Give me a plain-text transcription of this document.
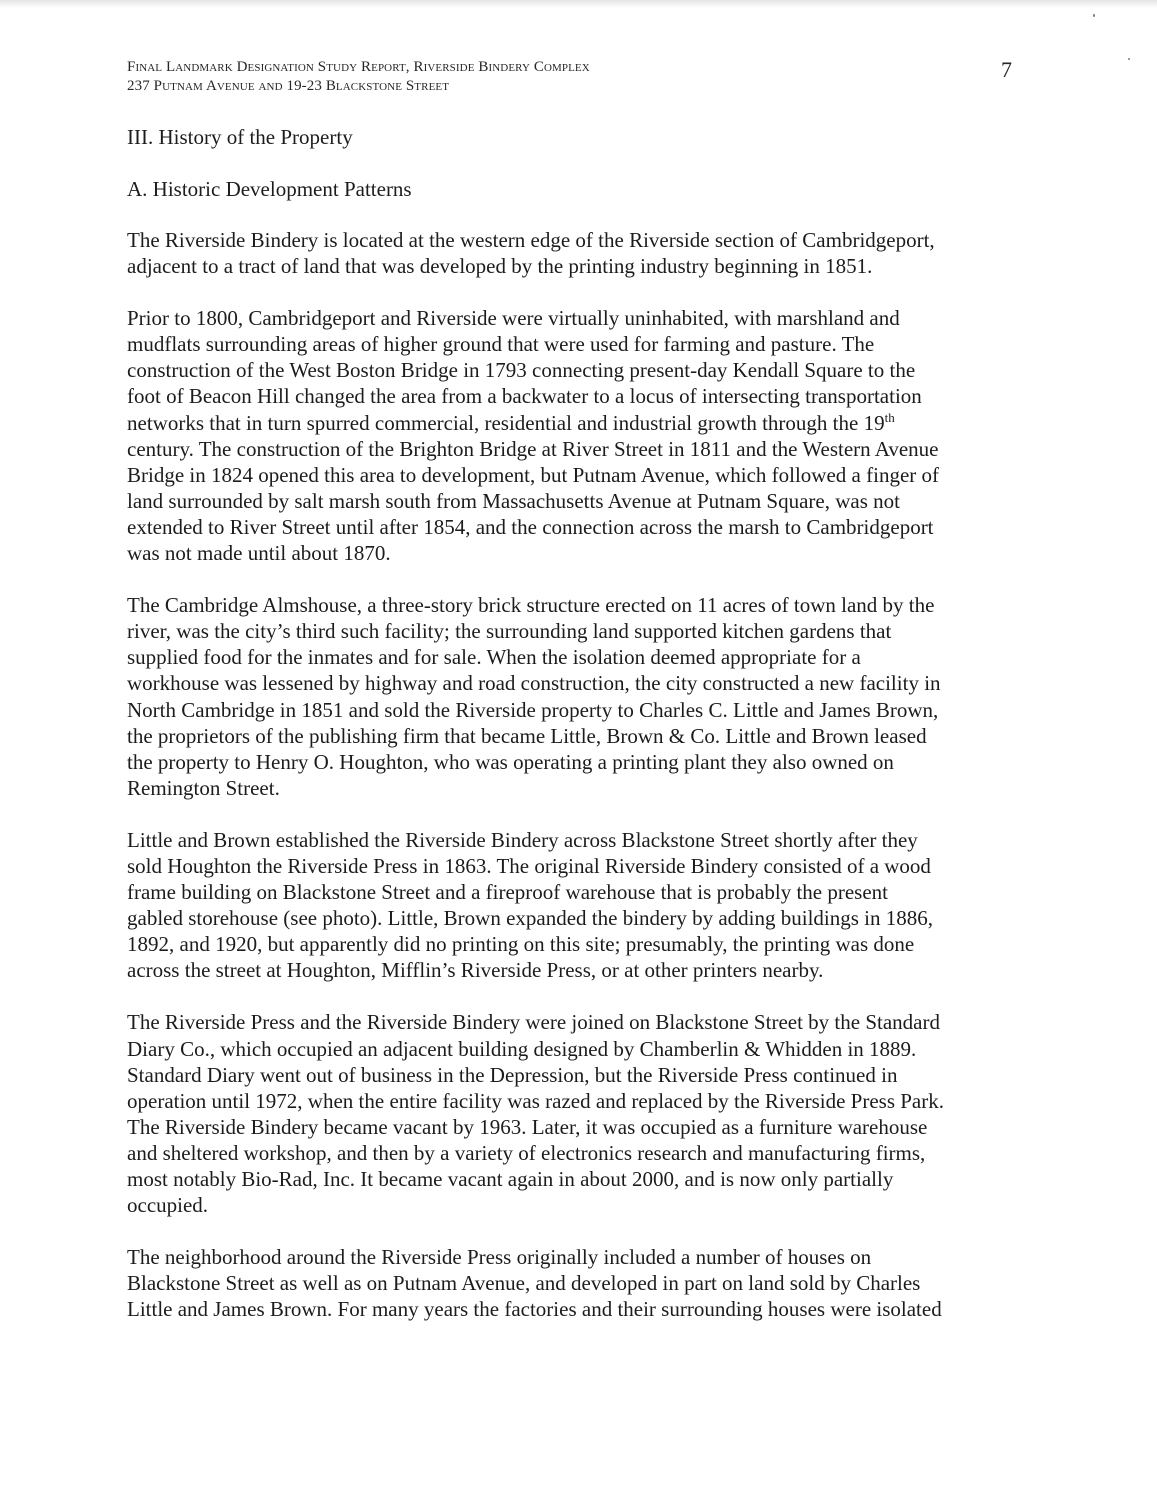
Final Landmark Designation Study Report, Riverside Bindery Complex
237 Putnam Avenue and 19-23 Blackstone Street
7
III. History of the Property
A. Historic Development Patterns

The Riverside Bindery is located at the western edge of the Riverside section of Cambridgeport,
adjacent to a tract of land that was developed by the printing industry beginning in 1851.

Prior to 1800, Cambridgeport and Riverside were virtually uninhabited, with marshland and
mudflats surrounding areas of higher ground that were used for farming and pasture. The
construction of the West Boston Bridge in 1793 connecting present-day Kendall Square to the
foot of Beacon Hill changed the area from a backwater to a locus of intersecting transportation
networks that in turn spurred commercial, residential and industrial growth through the 19th
century. The construction of the Brighton Bridge at River Street in 1811 and the Western Avenue
Bridge in 1824 opened this area to development, but Putnam Avenue, which followed a finger of
land surrounded by salt marsh south from Massachusetts Avenue at Putnam Square, was not
extended to River Street until after 1854, and the connection across the marsh to Cambridgeport
was not made until about 1870.

The Cambridge Almshouse, a three-story brick structure erected on 11 acres of town land by the
river, was the city’s third such facility; the surrounding land supported kitchen gardens that
supplied food for the inmates and for sale. When the isolation deemed appropriate for a
workhouse was lessened by highway and road construction, the city constructed a new facility in
North Cambridge in 1851 and sold the Riverside property to Charles C. Little and James Brown,
the proprietors of the publishing firm that became Little, Brown & Co. Little and Brown leased
the property to Henry O. Houghton, who was operating a printing plant they also owned on
Remington Street.

Little and Brown established the Riverside Bindery across Blackstone Street shortly after they
sold Houghton the Riverside Press in 1863. The original Riverside Bindery consisted of a wood
frame building on Blackstone Street and a fireproof warehouse that is probably the present
gabled storehouse (see photo). Little, Brown expanded the bindery by adding buildings in 1886,
1892, and 1920, but apparently did no printing on this site; presumably, the printing was done
across the street at Houghton, Mifflin’s Riverside Press, or at other printers nearby.

The Riverside Press and the Riverside Bindery were joined on Blackstone Street by the Standard
Diary Co., which occupied an adjacent building designed by Chamberlin & Whidden in 1889.
Standard Diary went out of business in the Depression, but the Riverside Press continued in
operation until 1972, when the entire facility was razed and replaced by the Riverside Press Park.
The Riverside Bindery became vacant by 1963. Later, it was occupied as a furniture warehouse
and sheltered workshop, and then by a variety of electronics research and manufacturing firms,
most notably Bio-Rad, Inc. It became vacant again in about 2000, and is now only partially
occupied.

The neighborhood around the Riverside Press originally included a number of houses on
Blackstone Street as well as on Putnam Avenue, and developed in part on land sold by Charles
Little and James Brown. For many years the factories and their surrounding houses were isolated
